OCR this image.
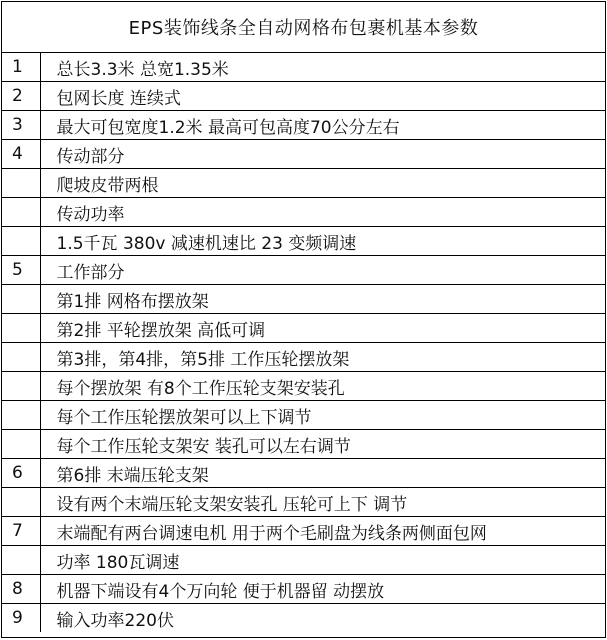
EPS装饰线条全自动网格布包裹机基本参数
1	总长3.3米 总宽1.35米
2	包网长度 连续式
3	最大可包宽度1.2米 最高可包高度70公分左右
4	传动部分
	爬坡皮带两根
	传动功率
	1.5千瓦 380v 减速机速比 23 变频调速
5	工作部分
	第1排 网格布摆放架
	第2排 平轮摆放架 高低可调
	第3排，第4排，第5排 工作压轮摆放架
	每个摆放架 有8个工作压轮支架安装孔
	每个工作压轮摆放架可以上下调节
	每个工作压轮支架安 装孔可以左右调节
6	第6排 末端压轮支架
	设有两个末端压轮支架安装孔 压轮可上下 调节
7	末端配有两台调速电机 用于两个毛刷盘为线条两侧面包网
	功率 180瓦调速
8	机器下端设有4个万向轮 便于机器留 动摆放
9	输入功率220伏
